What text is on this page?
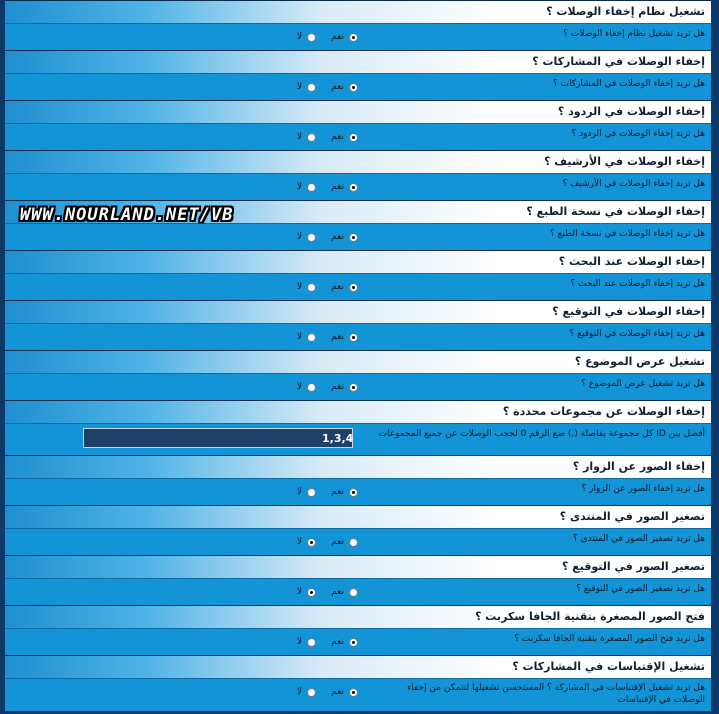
تشغيل نظام إخفاء الوصلات ؟
هل تريد تشغيل نظام إخفاء الوصلات ؟
نعم
لا
إخفاء الوصلات في المشاركات ؟
هل تريد إخفاء الوصلات في المشاركات ؟
نعم
لا
إخفاء الوصلات في الردود ؟
هل تريد إخفاء الوصلات في الردود ؟
نعم
لا
إخفاء الوصلات في الأرشيف ؟
هل تريد إخفاء الوصلات في الأرشيف ؟
نعم
لا
إخفاء الوصلات في نسخة الطبع ؟
هل تريد إخفاء الوصلات في نسخة الطبع ؟
نعم
لا
إخفاء الوصلات عند البحث ؟
هل تريد إخفاء الوصلات عند البحث ؟
نعم
لا
إخفاء الوصلات في التوقيع ؟
هل تريد إخفاء الوصلات في التوقيع ؟
نعم
لا
تشغيل عرض الموضوع ؟
هل تريد تشغيل عرض الموضوع ؟
نعم
لا
إخفاء الوصلات عن مجموعات محددة ؟
أفصل بين ID كل مجموعة بفاصلة (,) ضع الرقم 0 لحجب الوصلات عن جميع المجموعات
1,3,4
إخفاء الصور عن الزوار ؟
هل تريد إخفاء الصور عن الزوار ؟
نعم
لا
تصغير الصور في المنتدى ؟
هل تريد تصغير الصور في المنتدى ؟
نعم
لا
تصغير الصور في التوقيع ؟
هل تريد تصغير الصور في التوقيع ؟
نعم
لا
فتح الصور المصغرة بتقنية الجافا سكربت ؟
هل تريد فتح الصور المصغرة بتقنية الجافا سكربت ؟
نعم
لا
تشغيل الإقتباسات في المشاركات ؟
هل تريد تشغيل الإقتباسات في المشاركة ؟ المستحسن تشغيلها لتتمكن من إخفاء الوصلات في الإقتباسات
نعم
لا
WWW.NOURLAND.NET/VB
